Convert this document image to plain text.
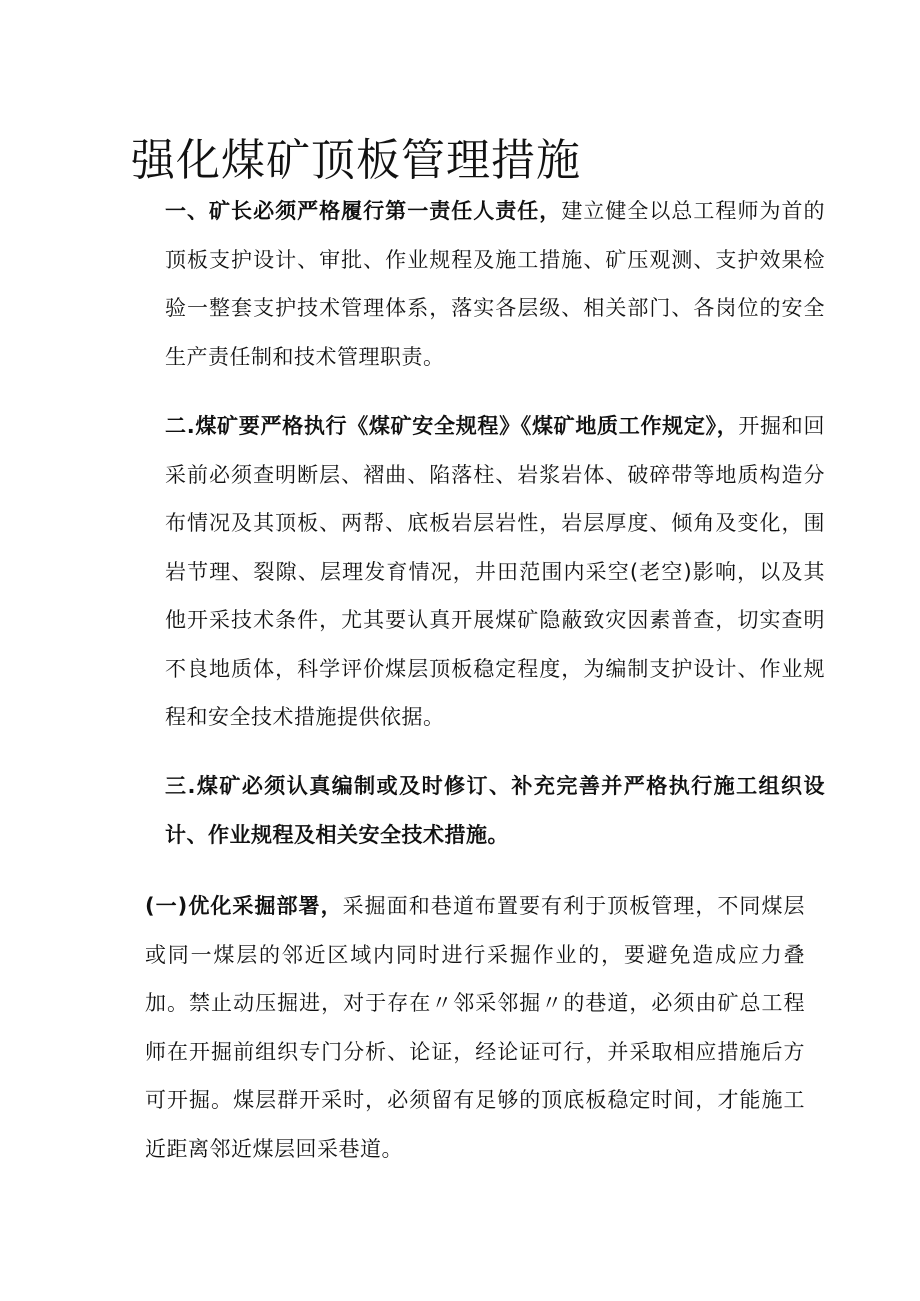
强化煤矿顶板管理措施

一、矿长必须严格履行第一责任人责任，建立健全以总工程师为首的顶板支护设计、审批、作业规程及施工措施、矿压观测、支护效果检验一整套支护技术管理体系，落实各层级、相关部门、各岗位的安全生产责任制和技术管理职责。

二.煤矿要严格执行《煤矿安全规程》《煤矿地质工作规定》，开掘和回采前必须查明断层、褶曲、陷落柱、岩浆岩体、破碎带等地质构造分布情况及其顶板、两帮、底板岩层岩性，岩层厚度、倾角及变化，围岩节理、裂隙、层理发育情况，井田范围内采空(老空)影响，以及其他开采技术条件，尤其要认真开展煤矿隐蔽致灾因素普查，切实查明不良地质体，科学评价煤层顶板稳定程度，为编制支护设计、作业规程和安全技术措施提供依据。

三.煤矿必须认真编制或及时修订、补充完善并严格执行施工组织设计、作业规程及相关安全技术措施。

(一)优化采掘部署，采掘面和巷道布置要有利于顶板管理，不同煤层或同一煤层的邻近区域内同时进行采掘作业的，要避免造成应力叠加。禁止动压掘进，对于存在〃邻采邻掘〃的巷道，必须由矿总工程师在开掘前组织专门分析、论证，经论证可行，并采取相应措施后方可开掘。煤层群开采时，必须留有足够的顶底板稳定时间，才能施工近距离邻近煤层回采巷道。
